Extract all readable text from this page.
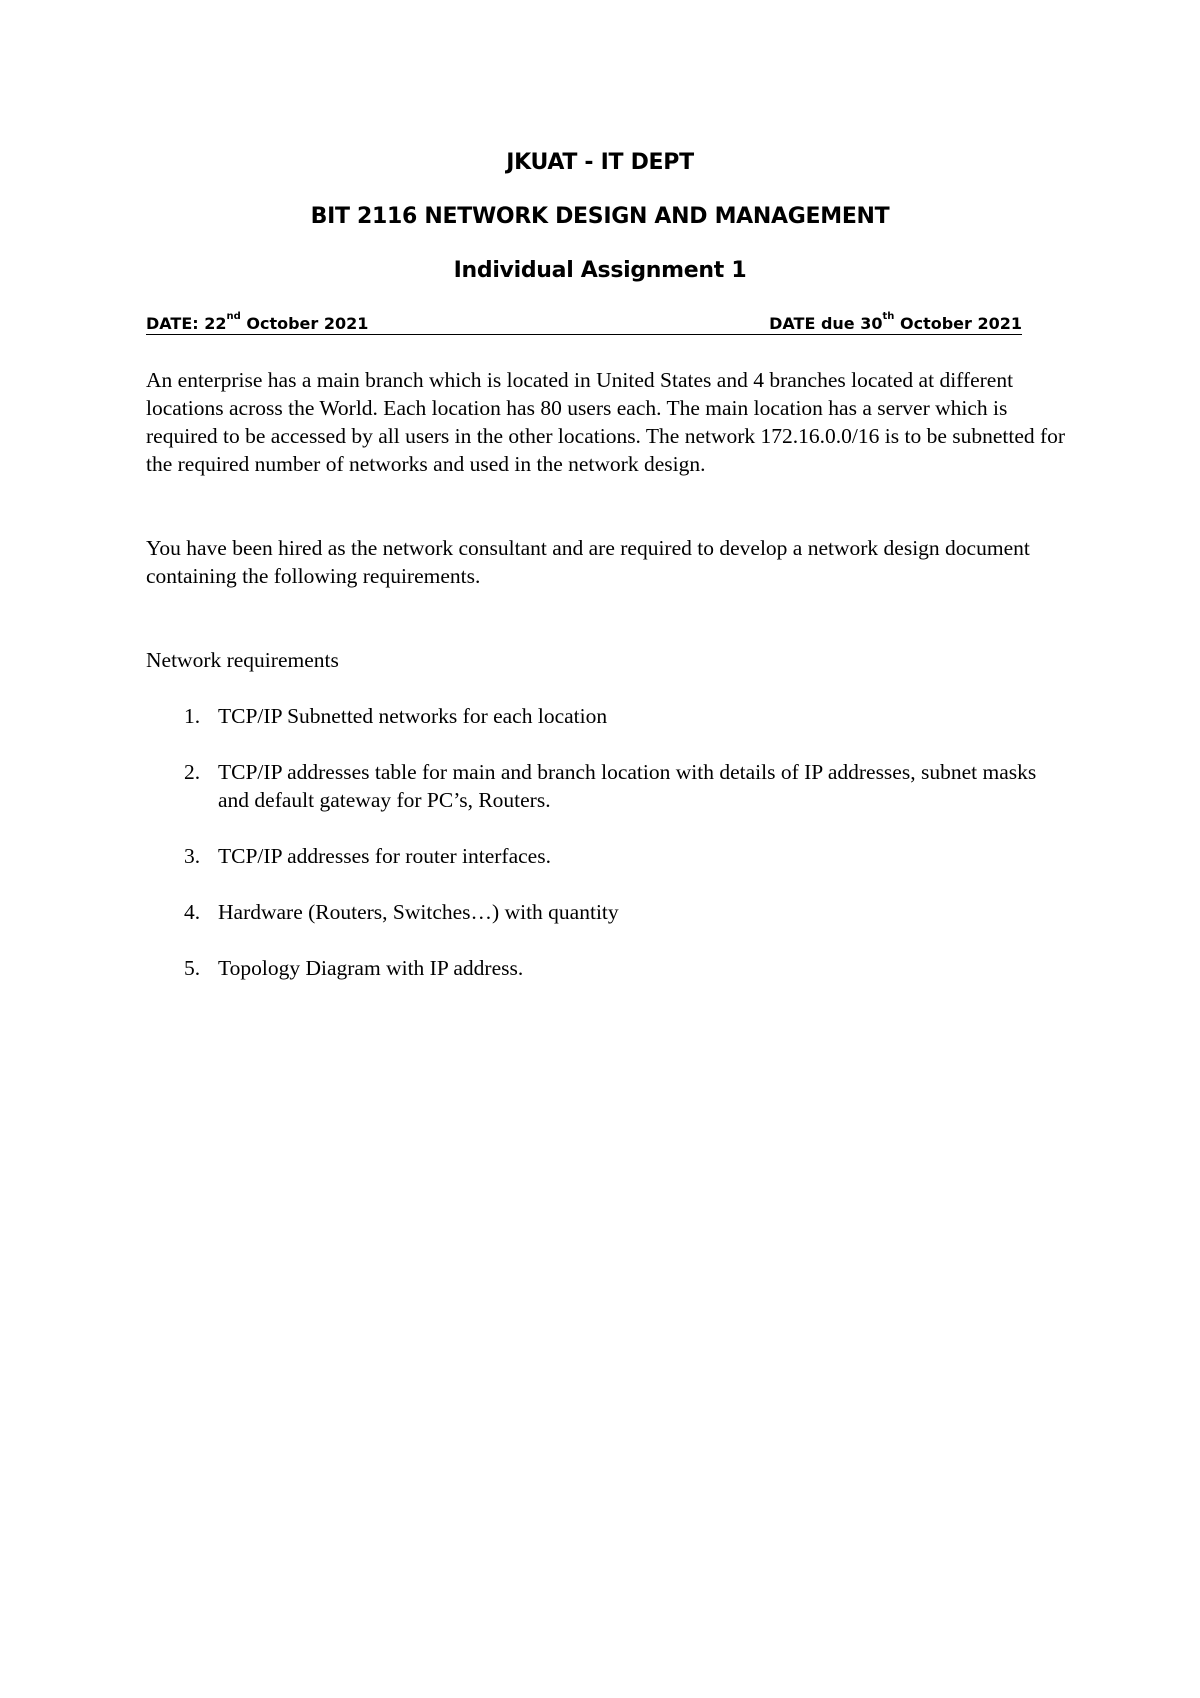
JKUAT - IT DEPT
BIT 2116 NETWORK DESIGN AND MANAGEMENT
Individual Assignment 1
DATE: 22nd October 2021	DATE due 30th October 2021
An enterprise has a main branch which is located in United States and 4 branches located at different locations across the World. Each location has 80 users each. The main location has a server which is required to be accessed by all users in the other locations. The network 172.16.0.0/16 is to be subnetted for the required number of networks and used in the network design.
You have been hired as the network consultant and are required to develop a network design document containing the following requirements.
Network requirements
1. TCP/IP Subnetted networks for each location
2. TCP/IP addresses table for main and branch location with details of IP addresses, subnet masks and default gateway for PC’s, Routers.
3. TCP/IP addresses for router interfaces.
4. Hardware (Routers, Switches…) with quantity
5. Topology Diagram with IP address.
